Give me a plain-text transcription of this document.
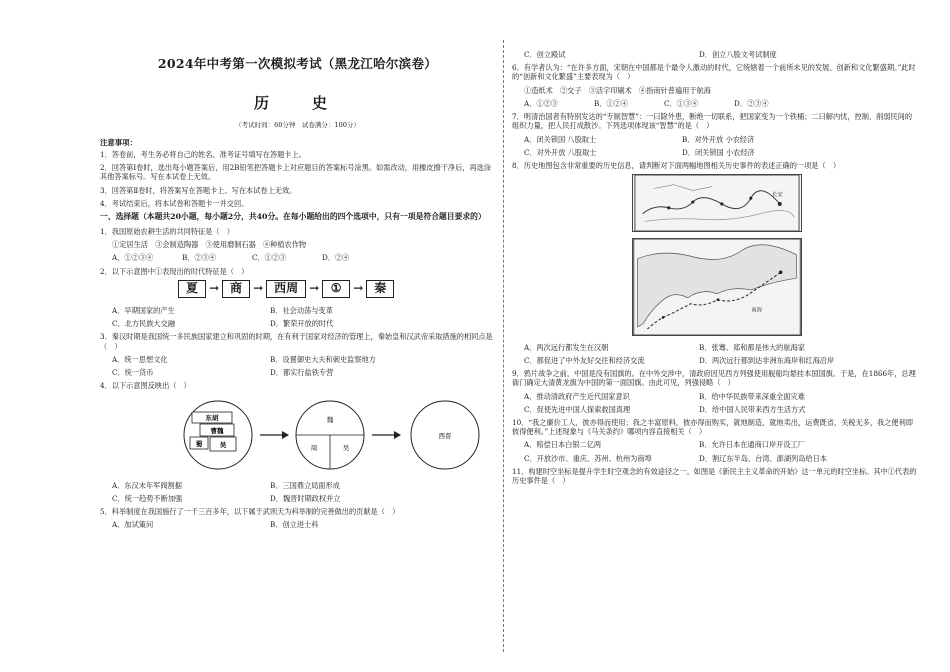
2024年中考第一次模拟考试（黑龙江哈尔滨卷）
历　史
（考试时间：60分钟　试卷满分：100分）
注意事项：

1．答卷前，考生务必将自己的姓名、准考证号填写在答题卡上。

2．回答第Ⅰ卷时，选出每小题答案后，用2B铅笔把答题卡上对应题目的答案标号涂黑。如需改动，用橡皮擦干净后，再选涂其他答案标号。写在本试卷上无效。

3．回答第Ⅱ卷时，将答案写在答题卡上。写在本试卷上无效。

4．考试结束后，将本试卷和答题卡一并交回。

一、选择题（本题共20小题，每小题2分，共40分。在每小题给出的四个选项中，只有一项是符合题目要求的）

1．我国原始农耕生活的共同特征是（　）

①定居生活　③会制造陶器　③使用磨制石器　④种植农作物

A．①②③④	B．②③④	C．①②③	D．②④

2．以下示意图中①表现出的时代特征是（　）

夏 → 商 → 西周 → ① → 秦
A．早期国家的产生	B．社会动荡与变革
C．北方民族大交融	D．繁荣开放的时代

3．秦汉时期是我国统一多民族国家建立和巩固的时期，在有利于国家对经济的管理上，秦始皇和汉武帝采取措施的相同点是（　）

A．统一思想文化	B．设置御史大夫和刺史监察地方
C．统一货币	D．都实行盐铁专营

4．以下示意图反映出（　）

东胡
曹魏
蜀	吴
魏
周	吴
西晋
A．东汉末年军阀割据	B．三国鼎立局面形成
C．统一趋势不断加强	D．魏晋时期政权并立

5．科举制度在我国施行了一千三百多年，以下属于武则天为科举制的完善做出的贡献是（　）

A．加试策问	B．创立进士科
C．创立殿试	D．创立八股文考试制度

6．有学者认为：“在许多方面，宋朝在中国都是个最令人激动的时代，它统辖着一个前所未见的发展、创新和文化繁盛期。”此时的“创新和文化繁盛”主要表现为（　）

①造纸术　②交子　③活字印刷术　④指南针普遍用于航海

A．①②③	B．①②④	C．①③④	D．②③④

7．明清治国者有特别发达的“专制智慧”：一曰除外患，断绝一切联系，把国家变为一个铁桶；二曰解内忧，控制、削弱民间的组织力量，把人民打成散沙。下列选项体现该“智慧”的是（　）

A．闭关锁国 八股取士	B．对外开放 小农经济
C．对外开放 八股取士	D．闭关锁国 小农经济

8．历史地图包含非常重要的历史信息，请判断对下面两幅地图相关历史事件的表述正确的一项是（　）

长安

南海
A．两次远行都发生在汉朝	B．张骞、郑和都是伟大的航海家
C．都促进了中外友好交往和经济交流	D．两次远行都到达非洲东海岸和红海沿岸

9．鸦片战争之前，中国是没有国旗的。在中外交涉中，清政府因见西方列强使用舰船均悬挂本国国旗。于是，在1866年，总理衙门确定大清黄龙旗为中国的第一面国旗。由此可见，列强侵略（　）

A．推动清政府产生近代国家意识	B．给中华民族带来深重全面灾难
C．促使先进中国人探索救国真理	D．给中国人民带来西方生活方式

10．“我之廉价工人，彼亦得而使用；我之丰富原料，彼亦得而购买，就地制造，就地卖出，运费既省，关税无多，我之便利即彼得便利。”上述现象与《马关条约》哪项内容直接相关（　）

A．赔偿日本白银二亿两	B．允许日本在通商口岸开设工厂
C．开放沙市、重庆、苏州、杭州为商埠	D．割辽东半岛、台湾、澎湖列岛给日本

11．构建时空坐标是提升学生时空观念的有效途径之一。如图是《新民主主义革命的开始》这一单元的时空坐标。其中①代表的历史事件是（　）
